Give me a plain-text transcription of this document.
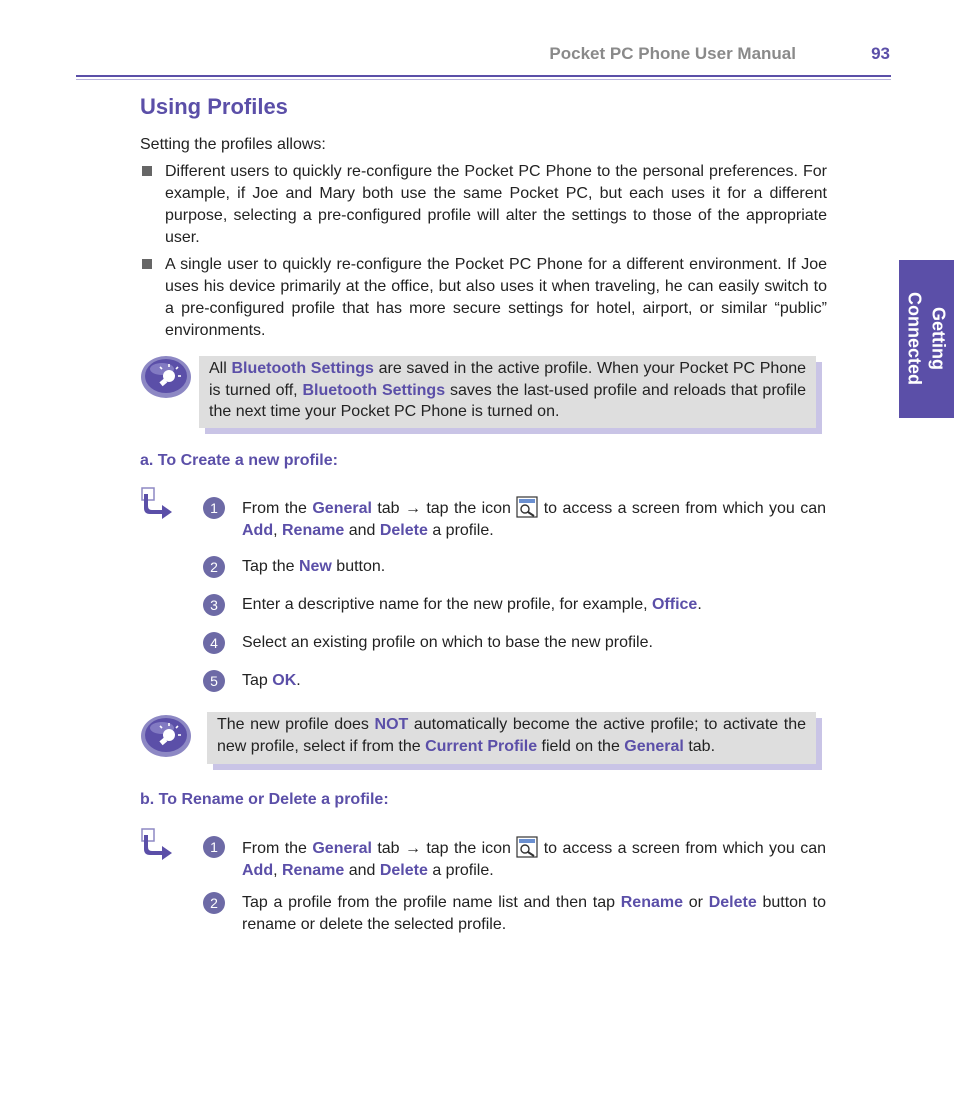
Pocket PC Phone User Manual	93
Getting
Connected
Using Profiles

Setting the profiles allows:

Different users to quickly re-configure the Pocket PC Phone to the personal preferences. For example, if Joe and Mary both use the same Pocket PC, but each uses it for a different purpose, selecting a pre-configured profile will alter the settings to those of the appropriate user.
A single user to quickly re-configure the Pocket PC Phone for a different environment. If Joe uses his device primarily at the office, but also uses it when traveling, he can easily switch to a pre-configured profile that has more secure settings for hotel, airport, or similar “public” environments.
All Bluetooth Settings are saved in the active profile. When your Pocket PC Phone is turned off, Bluetooth Settings saves the last-used profile and reloads that profile the next time your Pocket PC Phone is turned on.
a. To Create a new profile:
1	From the General tab → tap the icon  to access a screen from which you can Add, Rename and Delete a profile.
2	Tap the New button.
3	Enter a descriptive name for the new profile, for example, Office.
4	Select an existing profile on which to base the new profile.
5	Tap OK.
The new profile does NOT automatically become the active profile; to activate the new profile, select if from the Current Profile field on the General tab.
b. To Rename or Delete a profile:
1	From the General tab → tap the icon  to access a screen from which you can Add, Rename and Delete a profile.
2	Tap a profile from the profile name list and then tap Rename or Delete button to rename or delete the selected profile.
